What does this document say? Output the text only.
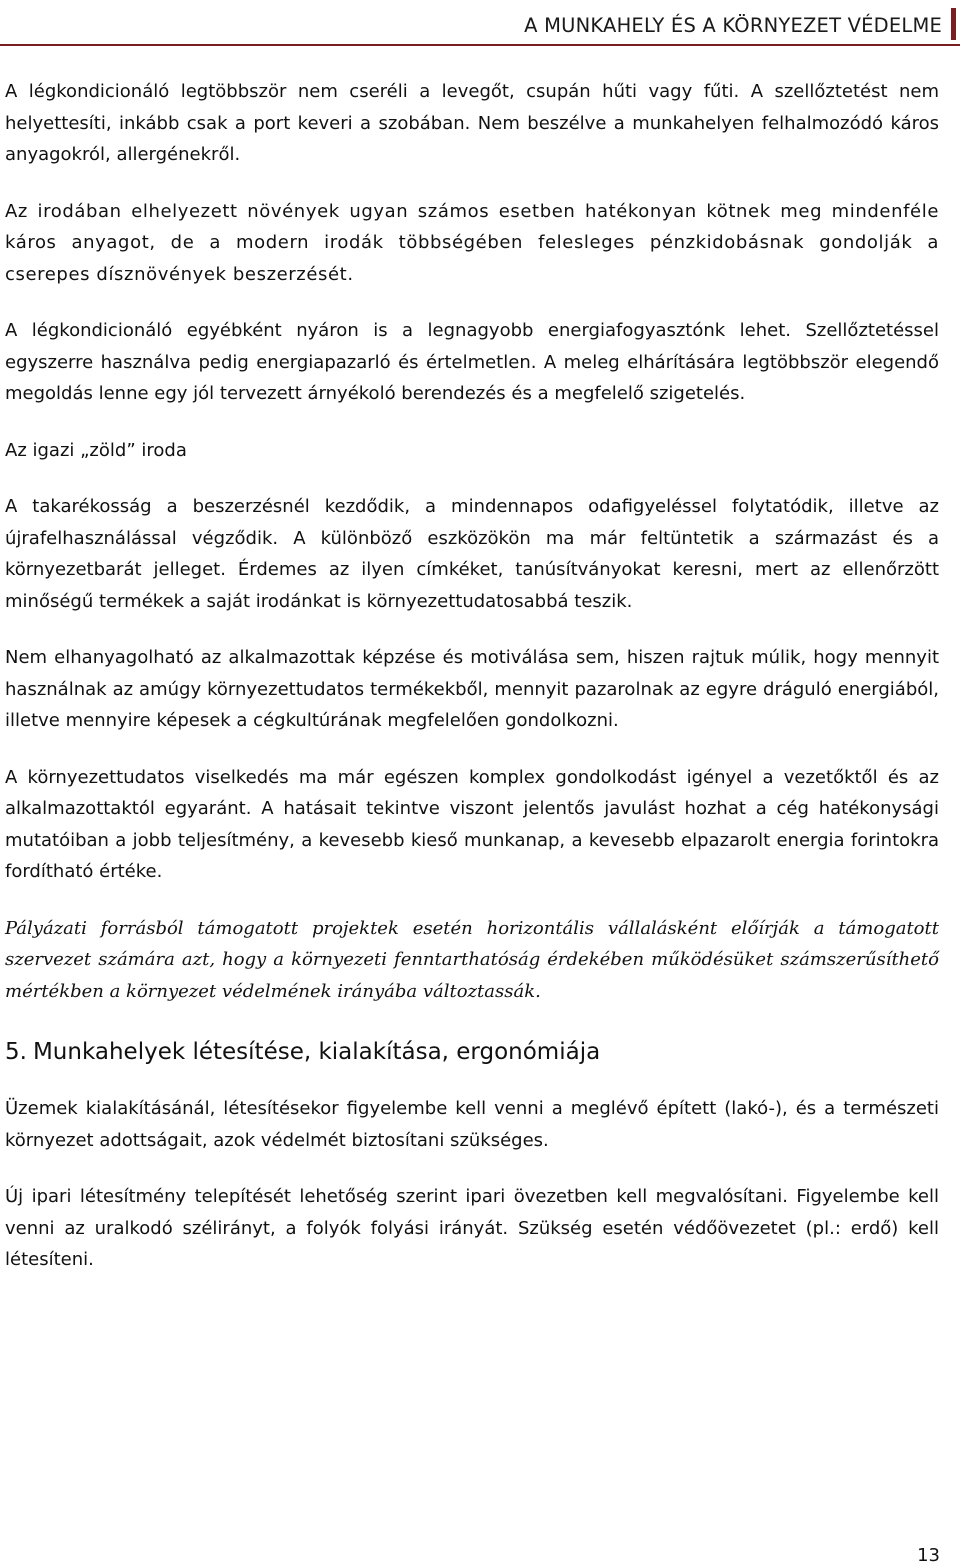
A MUNKAHELY ÉS A KÖRNYEZET VÉDELME

A légkondicionáló legtöbbször nem cseréli a levegőt, csupán hűti vagy fűti. A szellőztetést nem helyettesíti, inkább csak a port keveri a szobában. Nem beszélve a munkahelyen felhalmozódó káros anyagokról, allergénekről.

Az irodában elhelyezett növények ugyan számos esetben hatékonyan kötnek meg mindenféle káros anyagot, de a modern irodák többségében felesleges pénzkidobásnak gondolják a cserepes dísznövények beszerzését.

A légkondicionáló egyébként nyáron is a legnagyobb energiafogyasztónk lehet. Szellőztetéssel egyszerre használva pedig energiapazarló és értelmetlen. A meleg elhárítására legtöbbször elegendő megoldás lenne egy jól tervezett árnyékoló berendezés és a megfelelő szigetelés.

Az igazi „zöld” iroda

A takarékosság a beszerzésnél kezdődik, a mindennapos odafigyeléssel folytatódik, illetve az újrafelhasználással végződik. A különböző eszközökön ma már feltüntetik a származást és a környezetbarát jelleget. Érdemes az ilyen címkéket, tanúsítványokat keresni, mert az ellenőrzött minőségű termékek a saját irodánkat is környezettudatosabbá teszik.

Nem elhanyagolható az alkalmazottak képzése és motiválása sem, hiszen rajtuk múlik, hogy mennyit használnak az amúgy környezettudatos termékekből, mennyit pazarolnak az egyre dráguló energiából, illetve mennyire képesek a cégkultúrának megfelelően gondolkozni.

A környezettudatos viselkedés ma már egészen komplex gondolkodást igényel a vezetőktől és az alkalmazottaktól egyaránt. A hatásait tekintve viszont jelentős javulást hozhat a cég hatékonysági mutatóiban a jobb teljesítmény, a kevesebb kieső munkanap, a kevesebb elpazarolt energia forintokra fordítható értéke.

Pályázati forrásból támogatott projektek esetén horizontális vállalásként előírják a támogatott szervezet számára azt, hogy a környezeti fenntarthatóság érdekében működésüket számszerűsíthető mértékben a környezet védelmének irányába változtassák.

5. Munkahelyek létesítése, kialakítása, ergonómiája

Üzemek kialakításánál, létesítésekor figyelembe kell venni a meglévő épített (lakó-), és a természeti környezet adottságait, azok védelmét biztosítani szükséges.

Új ipari létesítmény telepítését lehetőség szerint ipari övezetben kell megvalósítani. Figyelembe kell venni az uralkodó szélirányt, a folyók folyási irányát. Szükség esetén védőövezetet (pl.: erdő) kell létesíteni.

13
